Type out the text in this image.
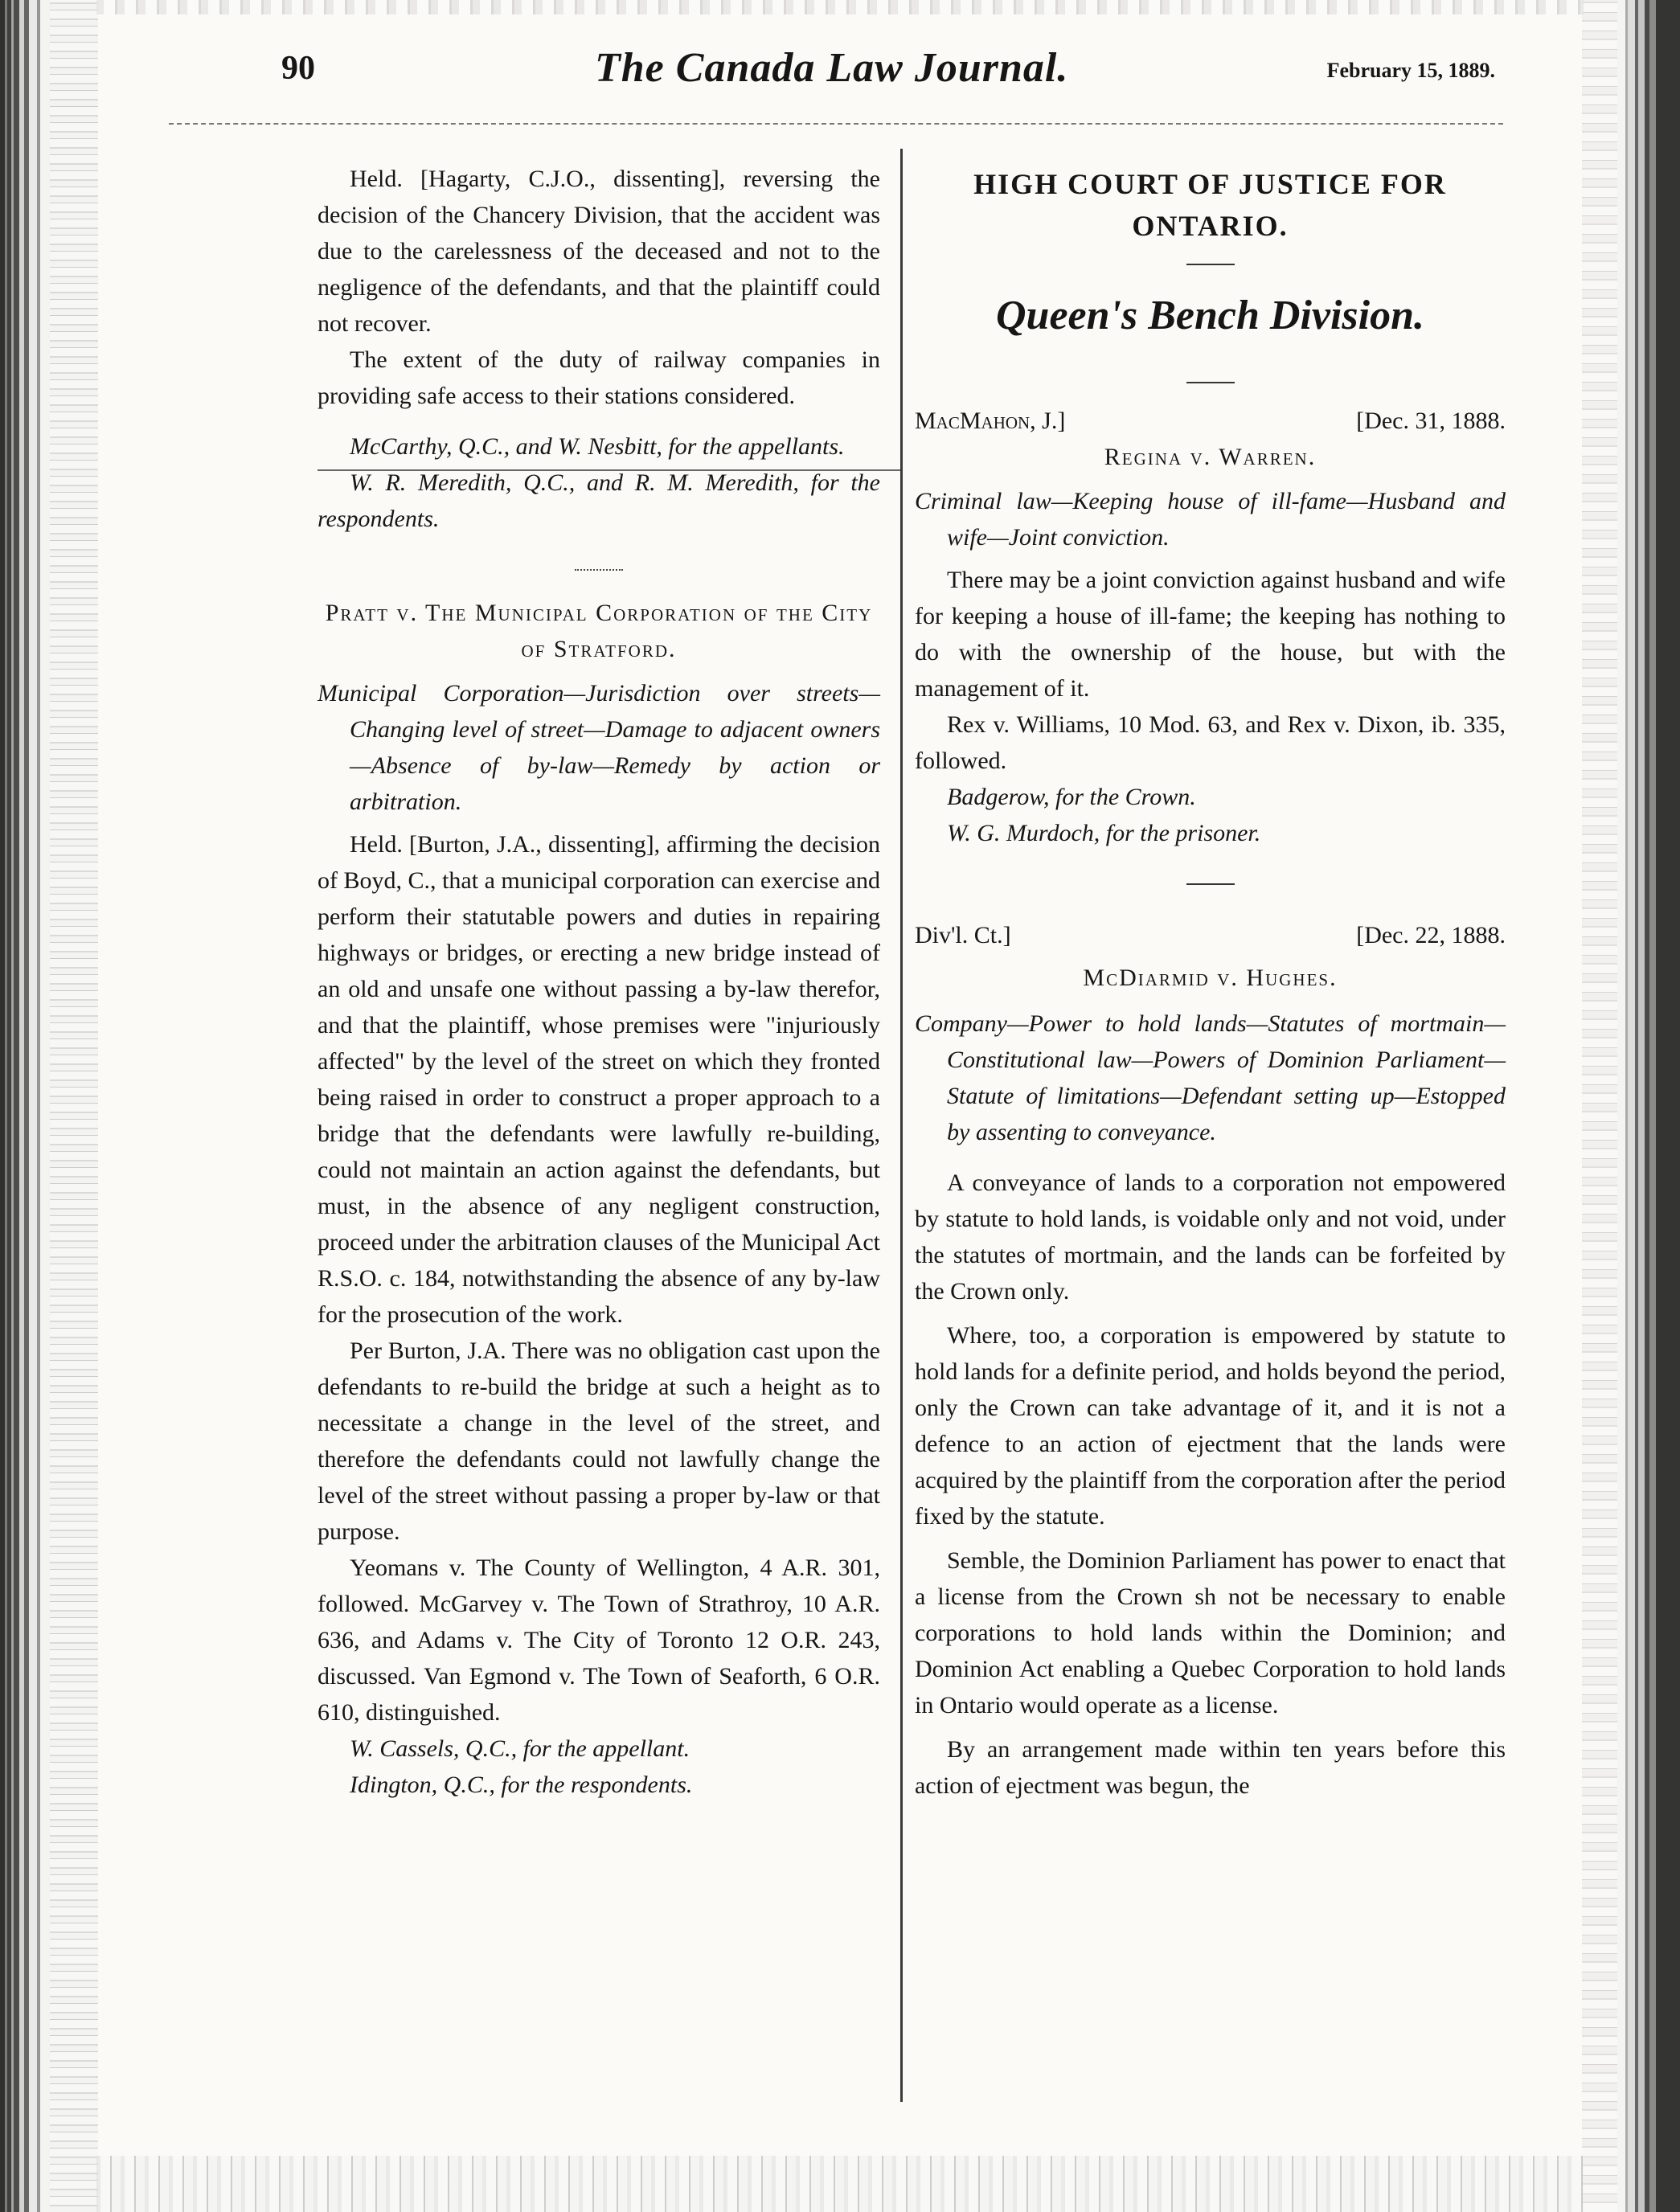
90	The Canada Law Journal.	February 15, 1889.

Held. [Hagarty, C.J.O., dissenting], reversing the decision of the Chancery Division, that the accident was due to the carelessness of the deceased and not to the negligence of the defendants, and that the plaintiff could not recover.

The extent of the duty of railway companies in providing safe access to their stations considered.

McCarthy, Q.C., and W. Nesbitt, for the appellants.

W. R. Meredith, Q.C., and R. M. Meredith, for the respondents.

Pratt v. The Municipal Corporation of the City of Stratford.

Municipal Corporation—Jurisdiction over streets—Changing level of street—Damage to adjacent owners—Absence of by-law—Remedy by action or arbitration.

Held. [Burton, J.A., dissenting], affirming the decision of Boyd, C., that a municipal corporation can exercise and perform their statutable powers and duties in repairing highways or bridges, or erecting a new bridge instead of an old and unsafe one without passing a by-law therefor, and that the plaintiff, whose premises were "injuriously affected" by the level of the street on which they fronted being raised in order to construct a proper approach to a bridge that the defendants were lawfully re-building, could not maintain an action against the defendants, but must, in the absence of any negligent construction, proceed under the arbitration clauses of the Municipal Act R.S.O. c. 184, notwithstanding the absence of any by-law for the prosecution of the work.

Per Burton, J.A. There was no obligation cast upon the defendants to re-build the bridge at such a height as to necessitate a change in the level of the street, and therefore the defendants could not lawfully change the level of the street without passing a proper by-law or that purpose.

Yeomans v. The County of Wellington, 4 A.R. 301, followed. McGarvey v. The Town of Strathroy, 10 A.R. 636, and Adams v. The City of Toronto 12 O.R. 243, discussed. Van Egmond v. The Town of Seaforth, 6 O.R. 610, distinguished.

W. Cassels, Q.C., for the appellant.

Idington, Q.C., for the respondents.

HIGH COURT OF JUSTICE FOR
ONTARIO.
Queen's Bench Division.
MacMahon, J.]	[Dec. 31, 1888.

Regina v. Warren.

Criminal law—Keeping house of ill-fame—Husband and wife—Joint conviction.

There may be a joint conviction against husband and wife for keeping a house of ill-fame; the keeping has nothing to do with the ownership of the house, but with the management of it.

Rex v. Williams, 10 Mod. 63, and Rex v. Dixon, ib. 335, followed.

Badgerow, for the Crown.

W. G. Murdoch, for the prisoner.

Div'l. Ct.]	[Dec. 22, 1888.

McDiarmid v. Hughes.

Company—Power to hold lands—Statutes of mortmain—Constitutional law—Powers of Dominion Parliament—Statute of limitations—Defendant setting up—Estopped by assenting to conveyance.

A conveyance of lands to a corporation not empowered by statute to hold lands, is voidable only and not void, under the statutes of mortmain, and the lands can be forfeited by the Crown only.

Where, too, a corporation is empowered by statute to hold lands for a definite period, and holds beyond the period, only the Crown can take advantage of it, and it is not a defence to an action of ejectment that the lands were acquired by the plaintiff from the corporation after the period fixed by the statute.

Semble, the Dominion Parliament has power to enact that a license from the Crown sh not be necessary to enable corporations to hold lands within the Dominion; and Dominion Act enabling a Quebec Corporation to hold lands in Ontario would operate as a license.

By an arrangement made within ten years before this action of ejectment was begun, the
